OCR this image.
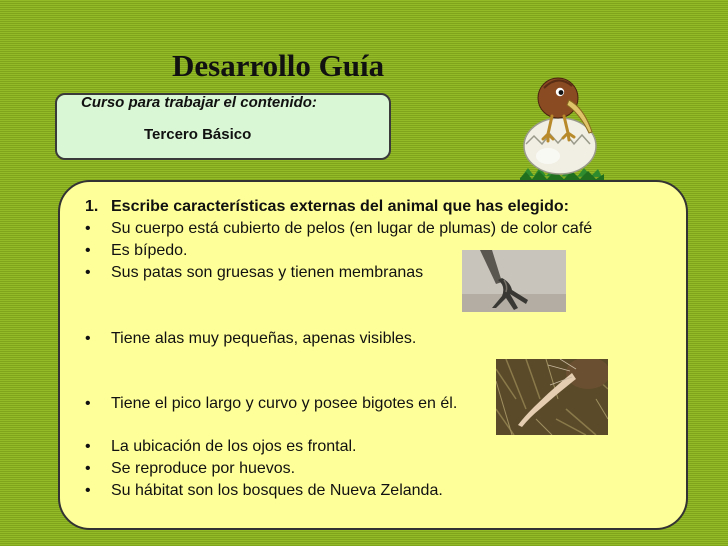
Desarrollo Guía
Curso para trabajar el contenido:
Tercero Básico
1. Escribe características externas del animal que has elegido:
• Su cuerpo está cubierto de pelos (en lugar de plumas) de color café
• Es bípedo.
• Sus patas son gruesas y tienen membranas
• Tiene alas muy pequeñas, apenas visibles.
• Tiene el pico largo y curvo y posee bigotes en él.
• La ubicación de los ojos es frontal.
• Se reproduce por huevos.
• Su hábitat son los bosques de Nueva Zelanda.
